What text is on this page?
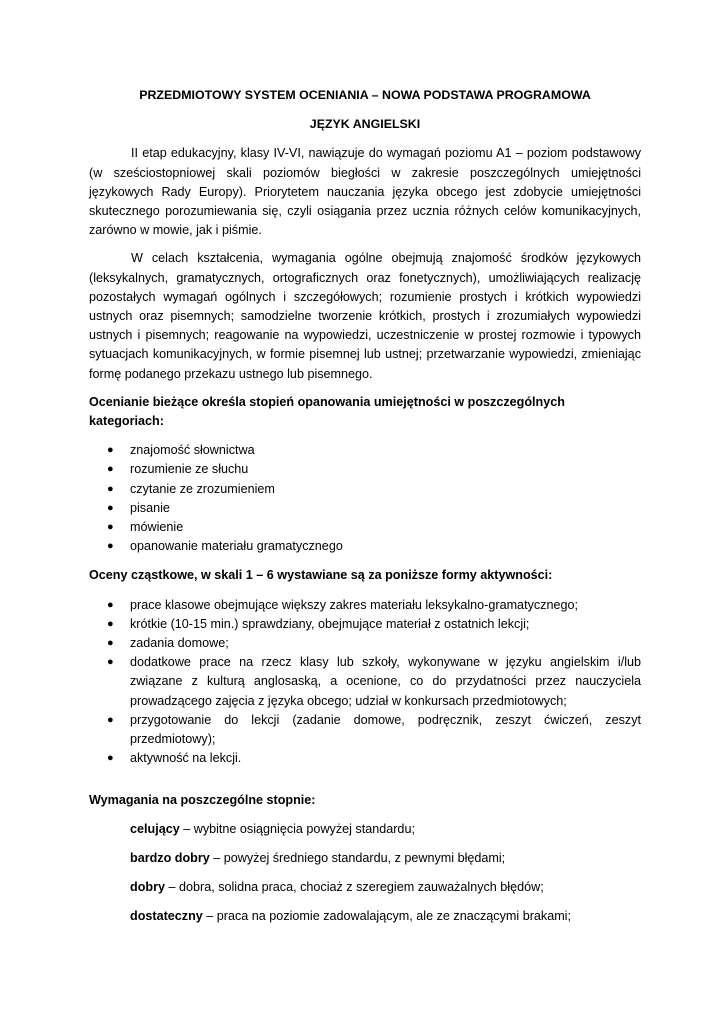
PRZEDMIOTOWY SYSTEM OCENIANIA – NOWA PODSTAWA PROGRAMOWA
JĘZYK ANGIELSKI

II etap edukacyjny, klasy IV-VI, nawiązuje do wymagań poziomu A1 – poziom podstawowy (w sześciostopniowej skali poziomów biegłości w zakresie poszczególnych umiejętności językowych Rady Europy). Priorytetem nauczania języka obcego jest zdobycie umiejętności skutecznego porozumiewania się, czyli osiągania przez ucznia różnych celów komunikacyjnych, zarówno w mowie, jak i piśmie.

W celach kształcenia, wymagania ogólne obejmują znajomość środków językowych (leksykalnych, gramatycznych, ortograficznych oraz fonetycznych), umożliwiających realizację pozostałych wymagań ogólnych i szczegółowych; rozumienie prostych i krótkich wypowiedzi ustnych oraz pisemnych; samodzielne tworzenie krótkich, prostych i zrozumiałych wypowiedzi ustnych i pisemnych; reagowanie na wypowiedzi, uczestniczenie w prostej rozmowie i typowych sytuacjach komunikacyjnych, w formie pisemnej lub ustnej; przetwarzanie wypowiedzi, zmieniając formę podanego przekazu ustnego lub pisemnego.

Ocenianie bieżące określa stopień opanowania umiejętności w poszczególnych kategoriach:
● znajomość słownictwa
● rozumienie ze słuchu
● czytanie ze zrozumieniem
● pisanie
● mówienie
● opanowanie materiału gramatycznego
Oceny cząstkowe, w skali 1 – 6 wystawiane są za poniższe formy aktywności:
● prace klasowe obejmujące większy zakres materiału leksykalno-gramatycznego;
● krótkie (10-15 min.) sprawdziany, obejmujące materiał z ostatnich lekcji;
● zadania domowe;
● dodatkowe prace na rzecz klasy lub szkoły, wykonywane w języku angielskim i/lub związane z kulturą anglosaską, a ocenione, co do przydatności przez nauczyciela prowadzącego zajęcia z języka obcego; udział w konkursach przedmiotowych;
● przygotowanie do lekcji (zadanie domowe, podręcznik, zeszyt ćwiczeń, zeszyt przedmiotowy);
● aktywność na lekcji.
Wymagania na poszczególne stopnie:
celujący – wybitne osiągnięcia powyżej standardu;
bardzo dobry – powyżej średniego standardu, z pewnymi błędami;
dobry – dobra, solidna praca, chociaż z szeregiem zauważalnych błędów;
dostateczny – praca na poziomie zadowalającym, ale ze znaczącymi brakami;
